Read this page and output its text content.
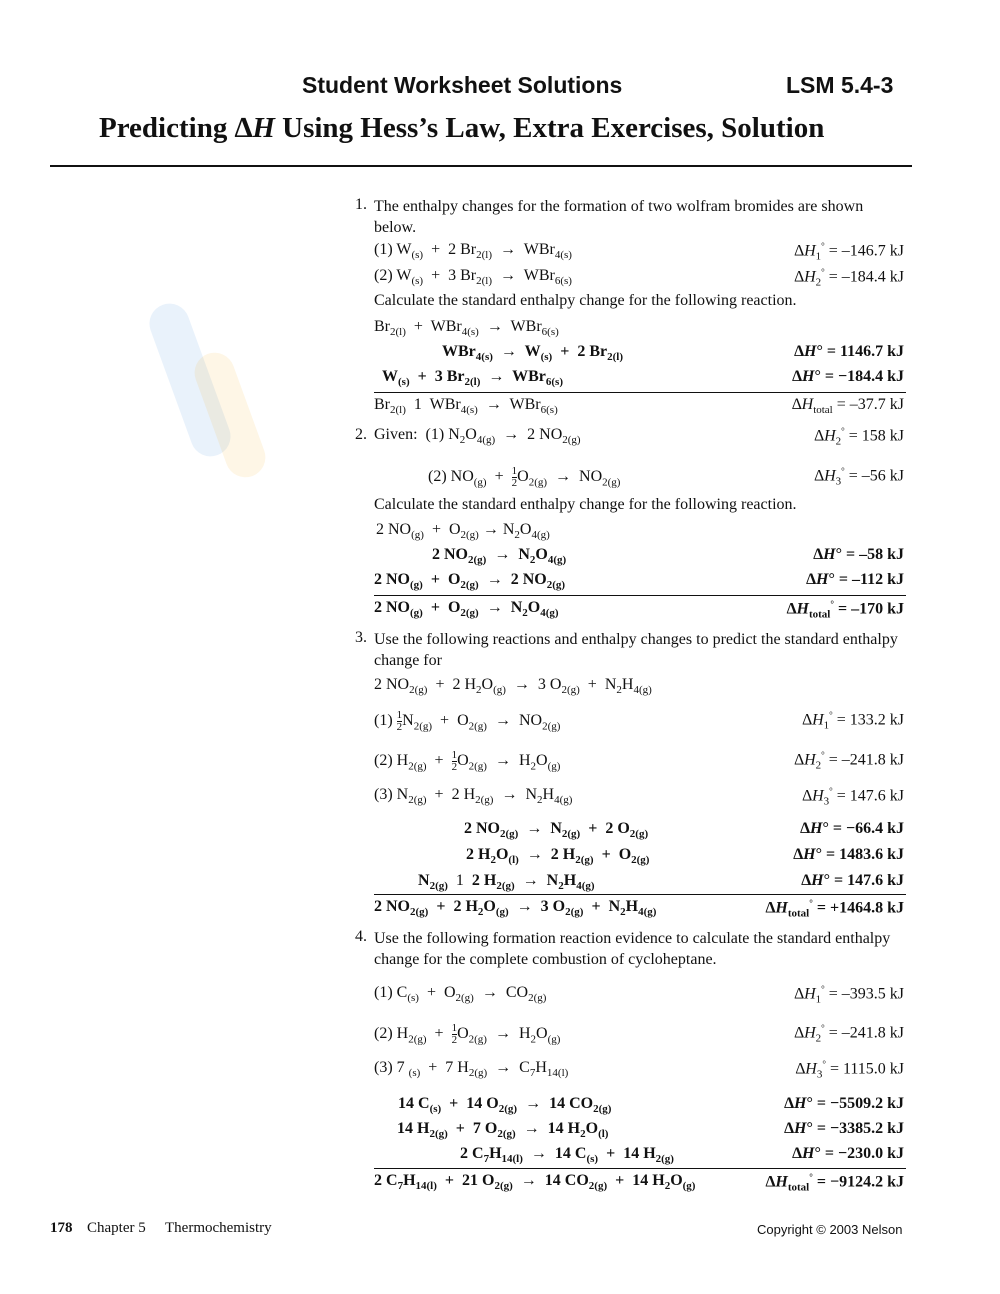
Student Worksheet Solutions	LSM 5.4-3
Predicting ∆H Using Hess’s Law, Extra Exercises, Solution
1. The enthalpy changes for the formation of two wolfram bromides are shown below.
(1) $W_{(s)} + 2$ $Br_{2(l)} \to WBr_{4(s)}$	$\Delta H_1^\circ = -146.7$ kJ
(2) $W_{(s)} + 3$ $Br_{2(l)} \to WBr_{6(s)}$	$\Delta H_2^\circ = -184.4$ kJ
Calculate the standard enthalpy change for the following reaction.
$Br_{2(l)} + WBr_{4(s)} \to WBr_{6(s)}$
$WBr_{4(s)} \to W_{(s)} + 2$ $Br_{2(l)}$	∆H° = 1146.7 kJ
$W_{(s)} + 3$ $Br_{2(l)} \to WBr_{6(s)}$	∆H° = −184.4 kJ
$Br_{2(l)}$  1  WBr$_{4(s)}$  →  WBr$_{6(s)}$	$\Delta H_{total} = -37.7$ kJ
2. Given:  (1) $N_2O_{4(g)} \to 2$ $NO_{2(g)}$	$\Delta H_2^\circ = 158$ kJ
(2) $NO_{(g)} + \frac{1}{2} O_{2(g)} \to NO_{2(g)}$	$\Delta H_3^\circ = -56$ kJ
Calculate the standard enthalpy change for the following reaction.
2 $NO_{(g)} + O_{2(g)} \to N_2O_{4(g)}$
2 $NO_{2(g)} \to N_2O_{4(g)}$	∆H° = –58 kJ
2 $NO_{(g)} + O_{2(g)} \to 2$ $NO_{2(g)}$	∆H° = –112 kJ
2 $NO_{(g)} + O_{2(g)} \to N_2O_{4(g)}$	$\Delta H_{total}^\circ = -170$ kJ
3. Use the following reactions and enthalpy changes to predict the standard enthalpy change for
2 $NO_{2(g)} + 2$ $H_2O_{(g)} \to 3$ $O_{2(g)} + N_2H_{4(g)}$
$(1) \frac{1}{2} N_{2(g)} + O_{2(g)} \to NO_{2(g)}$	$\Delta H_1^\circ = 133.2$ kJ
(2) $H_{2(g)} + \frac{1}{2} O_{2(g)} \to H_2O_{(g)}$	$\Delta H_2^\circ = -241.8$ kJ
(3) $N_{2(g)} + 2$ $H_{2(g)} \to N_2H_{4(g)}$	$\Delta H_3^\circ = 147.6$ kJ
2 $NO_{2(g)} \to N_{2(g)} + 2$ $O_{2(g)}$	∆H° = −66.4 kJ
2 $H_2O_{(l)} \to 2$ $H_{2(g)} + O_{2(g)}$	∆H° = 1483.6 kJ
$N_{2(g)}$  1  2 $H_{2(g)} \to N_2H_{4(g)}$	∆H° = 147.6 kJ
2 $NO_{2(g)} + 2$ $H_2O_{(g)} \to 3$ $O_{2(g)} + N_2H_{4(g)}$	$\Delta H_{total}^\circ = +1464.8$ kJ
4. Use the following formation reaction evidence to calculate the standard enthalpy change for the complete combustion of cycloheptane.
(1) $C_{(s)} + O_{2(g)} \to CO_{2(g)}$	$\Delta H_1^\circ = -393.5$ kJ
(2) $H_{2(g)} + \frac{1}{2} O_{2(g)} \to H_2O_{(g)}$	$\Delta H_2^\circ = -241.8$ kJ
(3) 7 $_{(s)}$  +  7 $H_{2(g)} \to C_7H_{14(l)}$	$\Delta H_3^\circ = 1115.0$ kJ
14 $C_{(s)} + 14$ $O_{2(g)} \to 14$ $CO_{2(g)}$	∆H° = −5509.2 kJ
14 $H_{2(g)} + 7$ $O_{2(g)} \to 14$ $H_2O_{(l)}$	∆H° = −3385.2 kJ
2 $C_7H_{14(l)} \to 14$ $C_{(s)} + 14$ $H_{2(g)}$	∆H° = −230.0 kJ
2 $C_7H_{14(l)} + 21$ $O_{2(g)} \to 14$ $CO_{2(g)} + 14$ $H_2O_{(g)}$	$\Delta H_{total}^\circ = -9124.2$ kJ
178 Chapter 5 Thermochemistry	Copyright © 2003 Nelson
